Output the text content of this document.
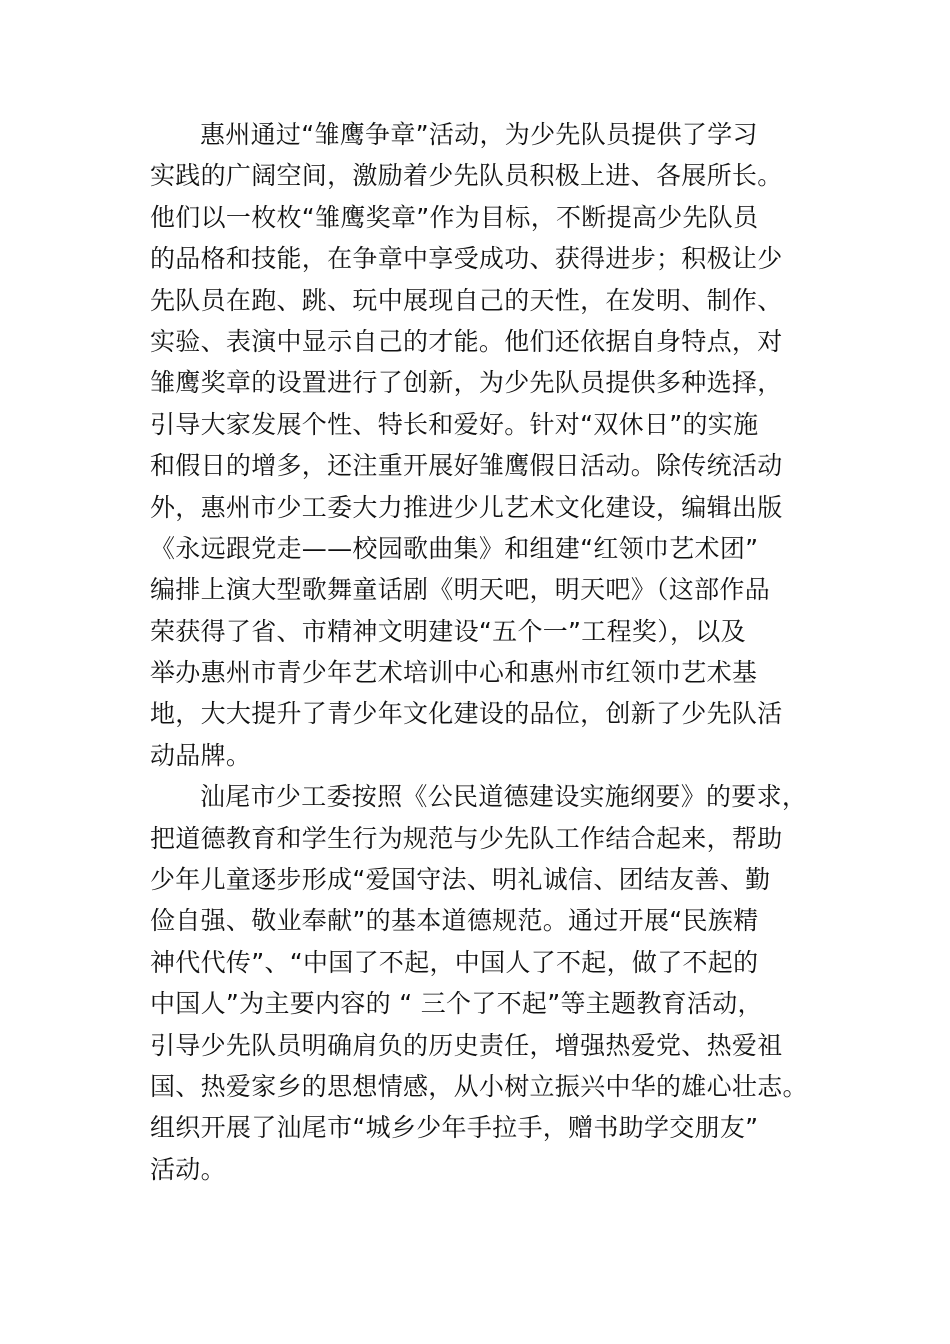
惠州通过“雏鹰争章”活动，为少先队员提供了学习
实践的广阔空间，激励着少先队员积极上进、各展所长。
他们以一枚枚“雏鹰奖章”作为目标，不断提高少先队员
的品格和技能，在争章中享受成功、获得进步；积极让少
先队员在跑、跳、玩中展现自己的天性，在发明、制作、
实验、表演中显示自己的才能。他们还依据自身特点，对
雏鹰奖章的设置进行了创新，为少先队员提供多种选择，
引导大家发展个性、特长和爱好。针对“双休日”的实施
和假日的增多，还注重开展好雏鹰假日活动。除传统活动
外，惠州市少工委大力推进少儿艺术文化建设，编辑出版
《永远跟党走——校园歌曲集》和组建“红领巾艺术团”
编排上演大型歌舞童话剧《明天吧，明天吧》（这部作品
荣获得了省、市精神文明建设“五个一”工程奖），以及
举办惠州市青少年艺术培训中心和惠州市红领巾艺术基
地，大大提升了青少年文化建设的品位，创新了少先队活
动品牌。
汕尾市少工委按照《公民道德建设实施纲要》的要求，
把道德教育和学生行为规范与少先队工作结合起来，帮助
少年儿童逐步形成“爱国守法、明礼诚信、团结友善、勤
俭自强、敬业奉献”的基本道德规范。通过开展“民族精
神代代传”、“中国了不起，中国人了不起，做了不起的
中国人”为主要内容的 “ 三个了不起”等主题教育活动，
引导少先队员明确肩负的历史责任，增强热爱党、热爱祖
国、热爱家乡的思想情感，从小树立振兴中华的雄心壮志。
组织开展了汕尾市“城乡少年手拉手，赠书助学交朋友”
活动。
